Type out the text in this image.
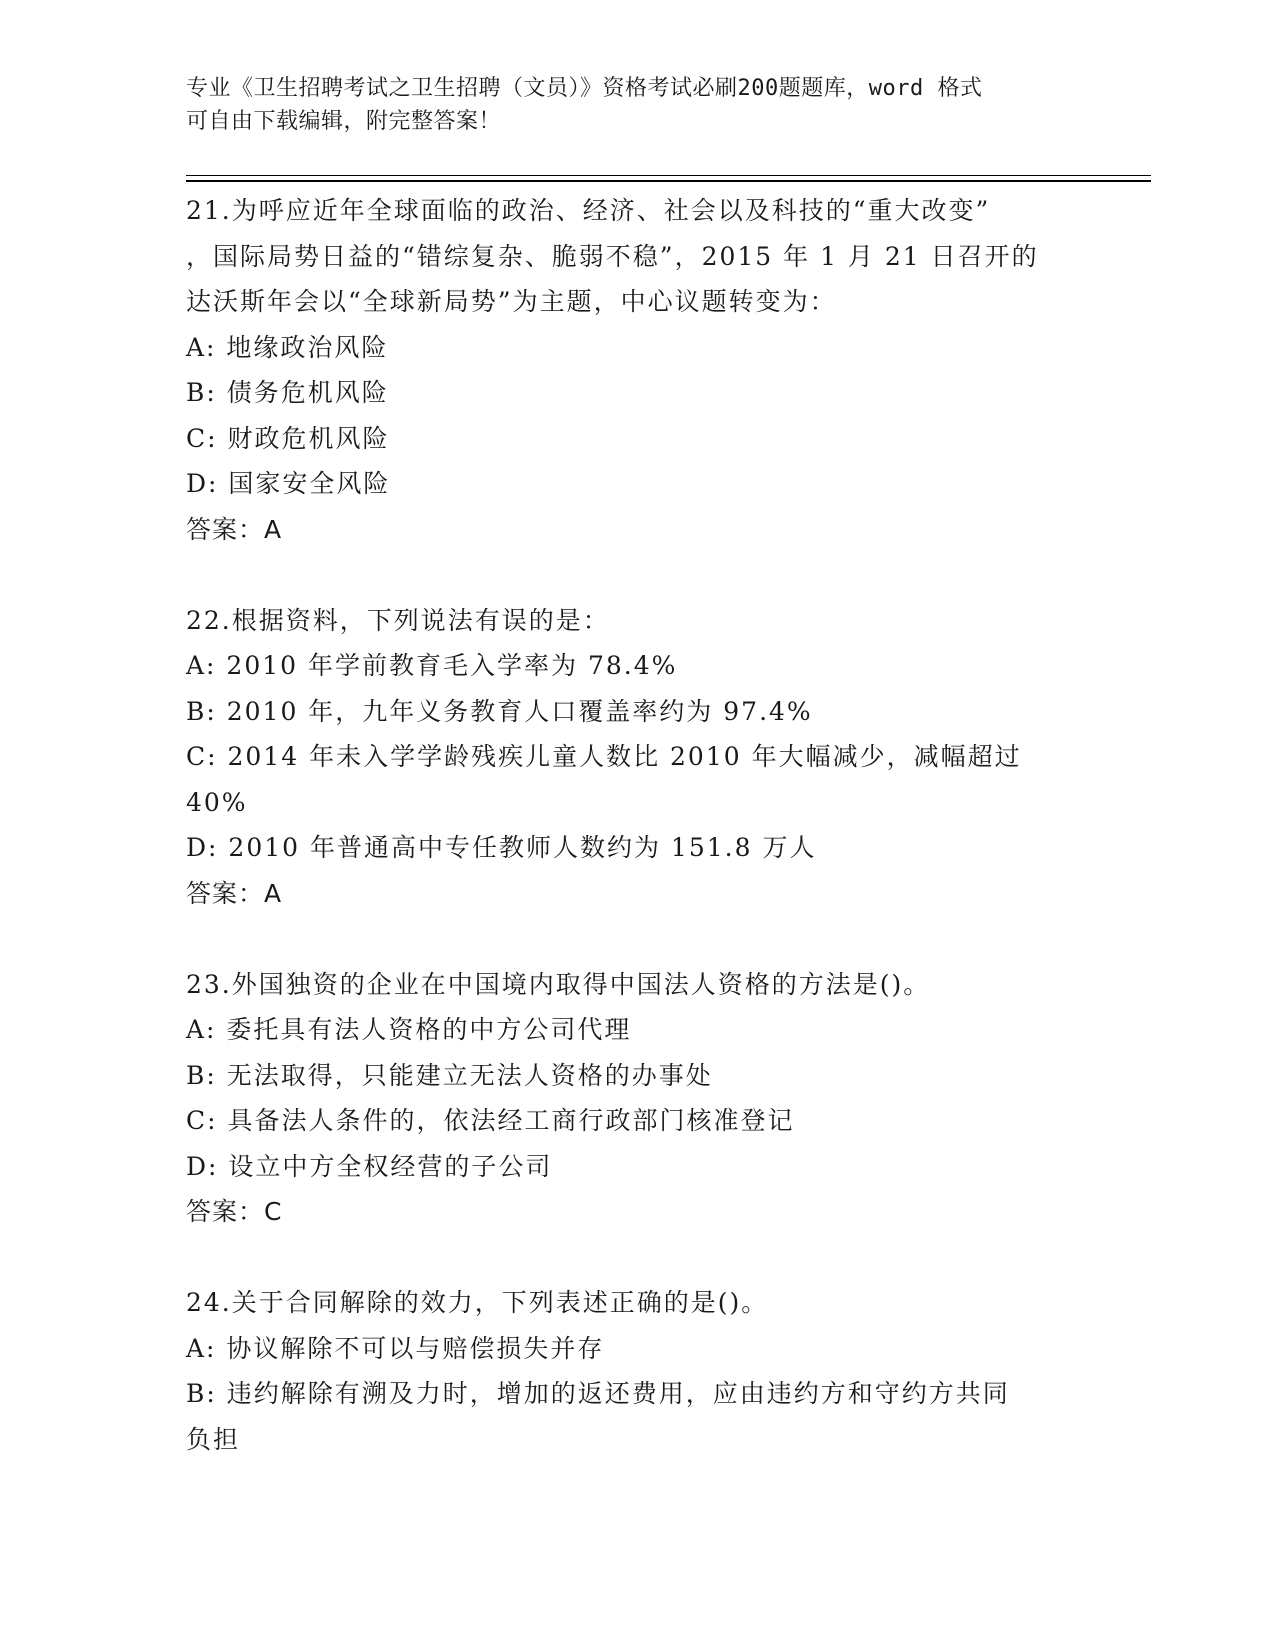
专业《卫生招聘考试之卫生招聘（文员）》资格考试必刷200题题库，word 格式
可自由下载编辑，附完整答案！
21.为呼应近年全球面临的政治、经济、社会以及科技的“重大改变”
，国际局势日益的“错综复杂、脆弱不稳”，2015 年 1 月 21 日召开的
达沃斯年会以“全球新局势”为主题，中心议题转变为：
A: 地缘政治风险
B: 债务危机风险
C: 财政危机风险
D: 国家安全风险
答案：A
22.根据资料，下列说法有误的是：
A: 2010 年学前教育毛入学率为 78.4%
B: 2010 年，九年义务教育人口覆盖率约为 97.4%
C: 2014 年未入学学龄残疾儿童人数比 2010 年大幅减少，减幅超过
40%
D: 2010 年普通高中专任教师人数约为 151.8 万人
答案：A
23.外国独资的企业在中国境内取得中国法人资格的方法是()。
A: 委托具有法人资格的中方公司代理
B: 无法取得，只能建立无法人资格的办事处
C: 具备法人条件的，依法经工商行政部门核准登记
D: 设立中方全权经营的子公司
答案：C
24.关于合同解除的效力，下列表述正确的是()。
A: 协议解除不可以与赔偿损失并存
B: 违约解除有溯及力时，增加的返还费用，应由违约方和守约方共同
负担
